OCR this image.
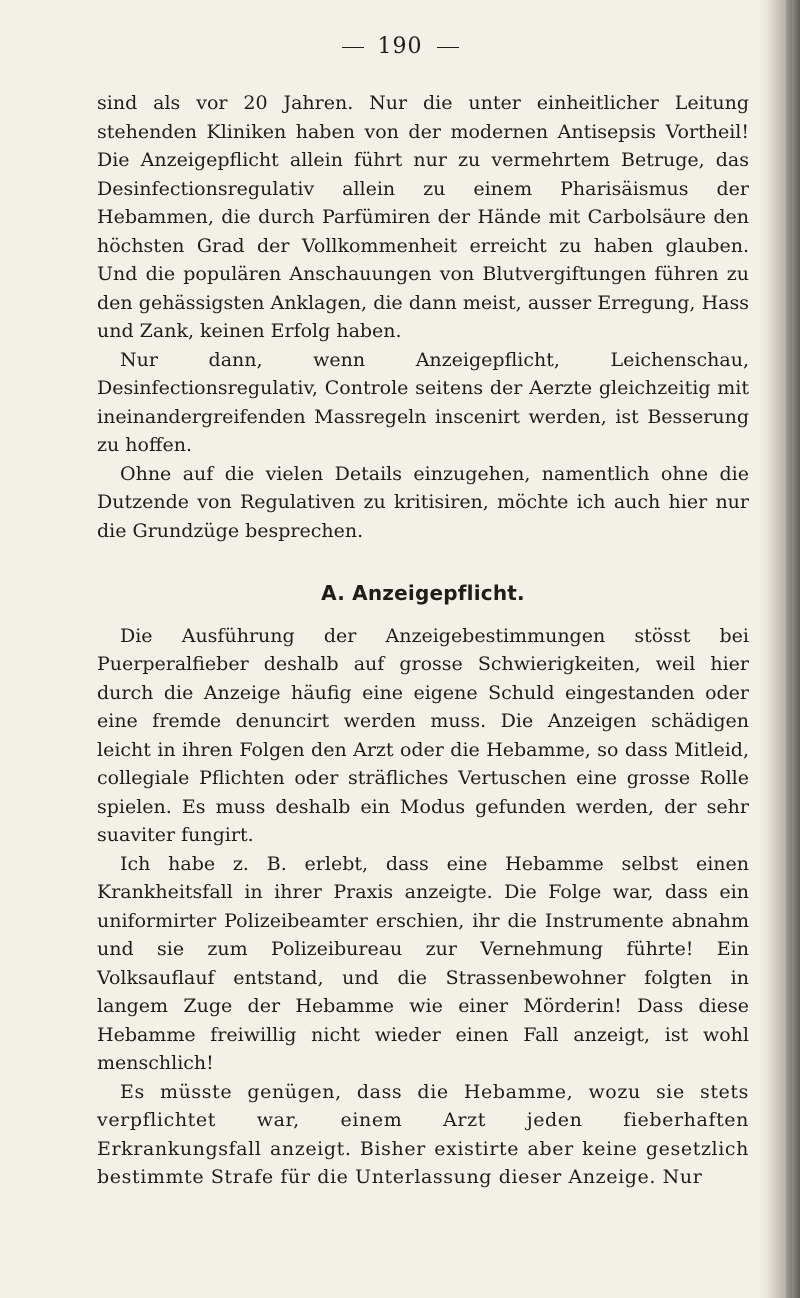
190

sind als vor 20 Jahren. Nur die unter einheitlicher Leitung stehenden Kliniken haben von der modernen Antisepsis Vortheil! Die Anzeigepflicht allein führt nur zu vermehrtem Betruge, das Desinfectionsregulativ allein zu einem Pharisäismus der Hebammen, die durch Parfümiren der Hände mit Carbolsäure den höchsten Grad der Vollkommenheit erreicht zu haben glauben. Und die populären Anschauungen von Blutvergiftungen führen zu den gehässigsten Anklagen, die dann meist, ausser Erregung, Hass und Zank, keinen Erfolg haben.

Nur dann, wenn Anzeigepflicht, Leichenschau, Desinfectionsregulativ, Controle seitens der Aerzte gleichzeitig mit ineinandergreifenden Massregeln inscenirt werden, ist Besserung zu hoffen.

Ohne auf die vielen Details einzugehen, namentlich ohne die Dutzende von Regulativen zu kritisiren, möchte ich auch hier nur die Grundzüge besprechen.

A. Anzeigepflicht.

Die Ausführung der Anzeigebestimmungen stösst bei Puerperalfieber deshalb auf grosse Schwierigkeiten, weil hier durch die Anzeige häufig eine eigene Schuld eingestanden oder eine fremde denuncirt werden muss. Die Anzeigen schädigen leicht in ihren Folgen den Arzt oder die Hebamme, so dass Mitleid, collegiale Pflichten oder sträfliches Vertuschen eine grosse Rolle spielen. Es muss deshalb ein Modus gefunden werden, der sehr suaviter fungirt.

Ich habe z. B. erlebt, dass eine Hebamme selbst einen Krankheitsfall in ihrer Praxis anzeigte. Die Folge war, dass ein uniformirter Polizeibeamter erschien, ihr die Instrumente abnahm und sie zum Polizeibureau zur Vernehmung führte! Ein Volksauflauf entstand, und die Strassenbewohner folgten in langem Zuge der Hebamme wie einer Mörderin! Dass diese Hebamme freiwillig nicht wieder einen Fall anzeigt, ist wohl menschlich!

Es müsste genügen, dass die Hebamme, wozu sie stets verpflichtet war, einem Arzt jeden fieberhaften Erkrankungsfall anzeigt. Bisher existirte aber keine gesetzlich bestimmte Strafe für die Unterlassung dieser Anzeige. Nur
